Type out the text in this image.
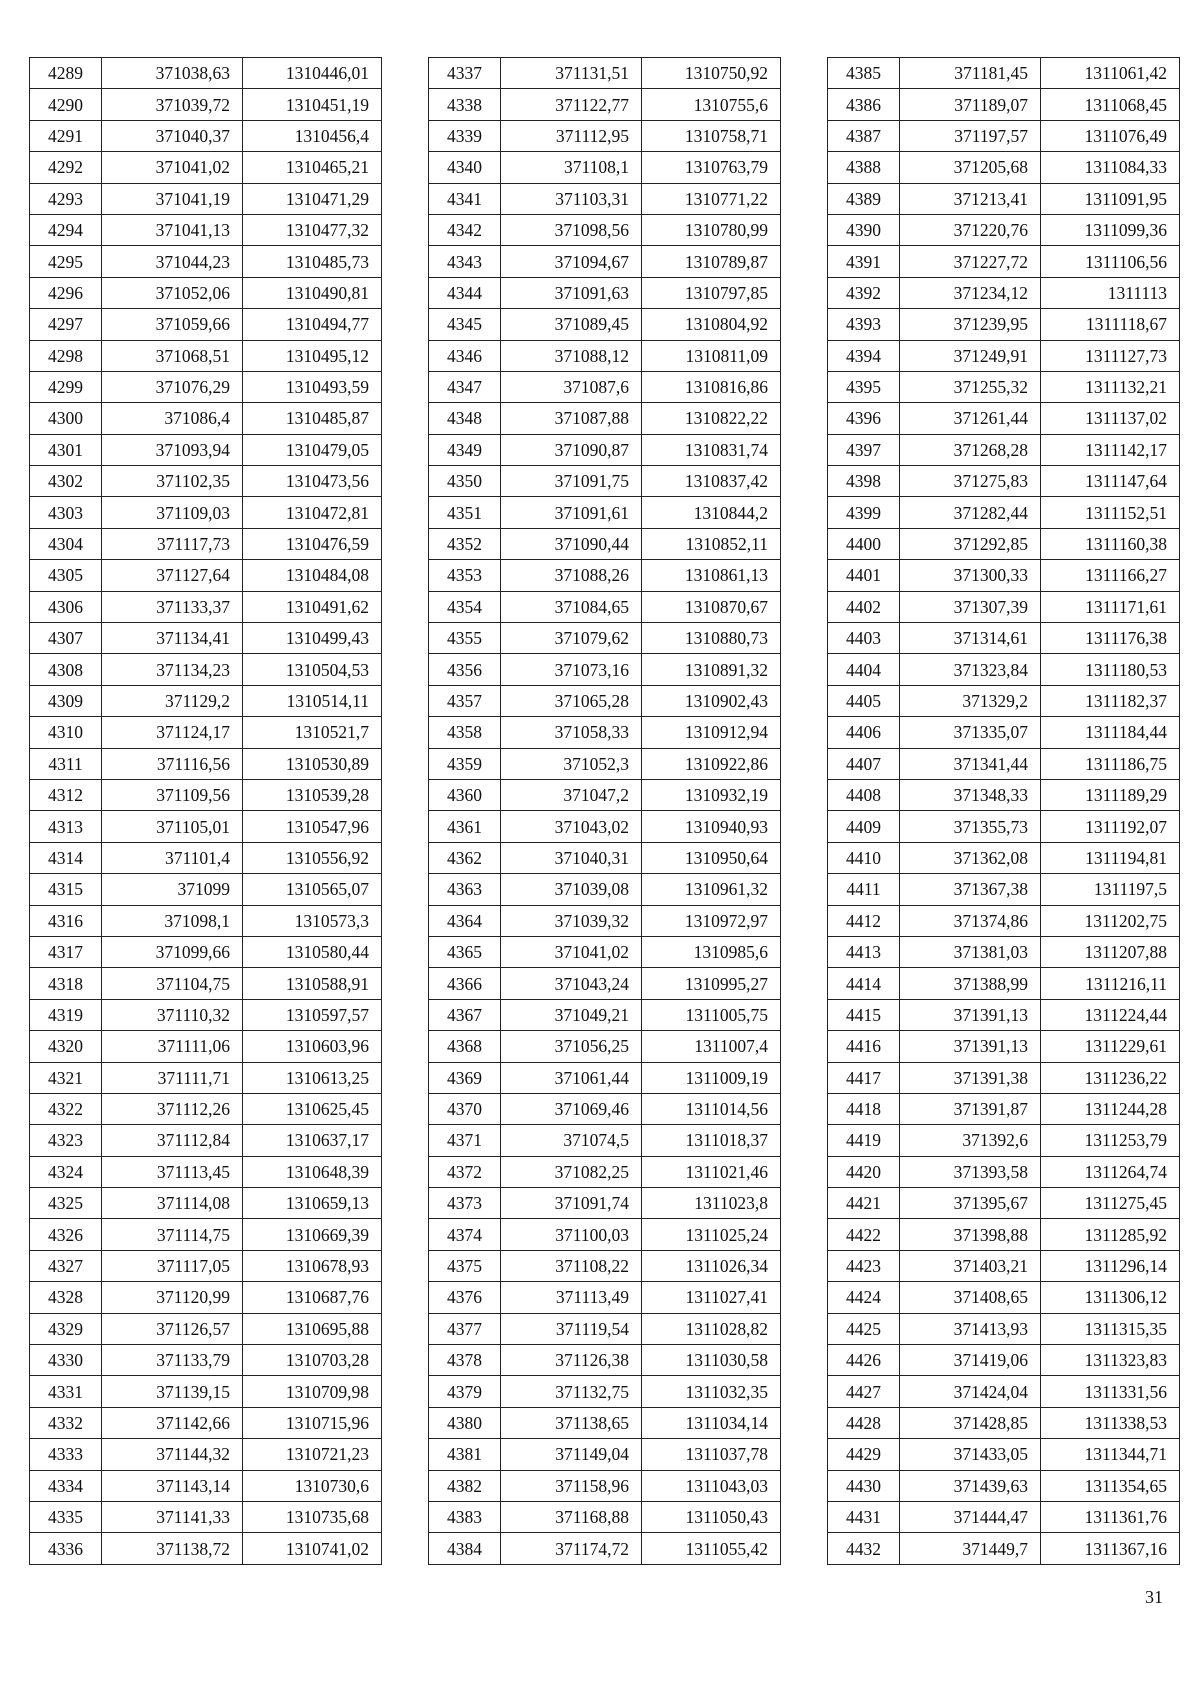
4289	371038,63	1310446,01
4290	371039,72	1310451,19
4291	371040,37	1310456,4
4292	371041,02	1310465,21
4293	371041,19	1310471,29
4294	371041,13	1310477,32
4295	371044,23	1310485,73
4296	371052,06	1310490,81
4297	371059,66	1310494,77
4298	371068,51	1310495,12
4299	371076,29	1310493,59
4300	371086,4	1310485,87
4301	371093,94	1310479,05
4302	371102,35	1310473,56
4303	371109,03	1310472,81
4304	371117,73	1310476,59
4305	371127,64	1310484,08
4306	371133,37	1310491,62
4307	371134,41	1310499,43
4308	371134,23	1310504,53
4309	371129,2	1310514,11
4310	371124,17	1310521,7
4311	371116,56	1310530,89
4312	371109,56	1310539,28
4313	371105,01	1310547,96
4314	371101,4	1310556,92
4315	371099	1310565,07
4316	371098,1	1310573,3
4317	371099,66	1310580,44
4318	371104,75	1310588,91
4319	371110,32	1310597,57
4320	371111,06	1310603,96
4321	371111,71	1310613,25
4322	371112,26	1310625,45
4323	371112,84	1310637,17
4324	371113,45	1310648,39
4325	371114,08	1310659,13
4326	371114,75	1310669,39
4327	371117,05	1310678,93
4328	371120,99	1310687,76
4329	371126,57	1310695,88
4330	371133,79	1310703,28
4331	371139,15	1310709,98
4332	371142,66	1310715,96
4333	371144,32	1310721,23
4334	371143,14	1310730,6
4335	371141,33	1310735,68
4336	371138,72	1310741,02
4337	371131,51	1310750,92
4338	371122,77	1310755,6
4339	371112,95	1310758,71
4340	371108,1	1310763,79
4341	371103,31	1310771,22
4342	371098,56	1310780,99
4343	371094,67	1310789,87
4344	371091,63	1310797,85
4345	371089,45	1310804,92
4346	371088,12	1310811,09
4347	371087,6	1310816,86
4348	371087,88	1310822,22
4349	371090,87	1310831,74
4350	371091,75	1310837,42
4351	371091,61	1310844,2
4352	371090,44	1310852,11
4353	371088,26	1310861,13
4354	371084,65	1310870,67
4355	371079,62	1310880,73
4356	371073,16	1310891,32
4357	371065,28	1310902,43
4358	371058,33	1310912,94
4359	371052,3	1310922,86
4360	371047,2	1310932,19
4361	371043,02	1310940,93
4362	371040,31	1310950,64
4363	371039,08	1310961,32
4364	371039,32	1310972,97
4365	371041,02	1310985,6
4366	371043,24	1310995,27
4367	371049,21	1311005,75
4368	371056,25	1311007,4
4369	371061,44	1311009,19
4370	371069,46	1311014,56
4371	371074,5	1311018,37
4372	371082,25	1311021,46
4373	371091,74	1311023,8
4374	371100,03	1311025,24
4375	371108,22	1311026,34
4376	371113,49	1311027,41
4377	371119,54	1311028,82
4378	371126,38	1311030,58
4379	371132,75	1311032,35
4380	371138,65	1311034,14
4381	371149,04	1311037,78
4382	371158,96	1311043,03
4383	371168,88	1311050,43
4384	371174,72	1311055,42
4385	371181,45	1311061,42
4386	371189,07	1311068,45
4387	371197,57	1311076,49
4388	371205,68	1311084,33
4389	371213,41	1311091,95
4390	371220,76	1311099,36
4391	371227,72	1311106,56
4392	371234,12	1311113
4393	371239,95	1311118,67
4394	371249,91	1311127,73
4395	371255,32	1311132,21
4396	371261,44	1311137,02
4397	371268,28	1311142,17
4398	371275,83	1311147,64
4399	371282,44	1311152,51
4400	371292,85	1311160,38
4401	371300,33	1311166,27
4402	371307,39	1311171,61
4403	371314,61	1311176,38
4404	371323,84	1311180,53
4405	371329,2	1311182,37
4406	371335,07	1311184,44
4407	371341,44	1311186,75
4408	371348,33	1311189,29
4409	371355,73	1311192,07
4410	371362,08	1311194,81
4411	371367,38	1311197,5
4412	371374,86	1311202,75
4413	371381,03	1311207,88
4414	371388,99	1311216,11
4415	371391,13	1311224,44
4416	371391,13	1311229,61
4417	371391,38	1311236,22
4418	371391,87	1311244,28
4419	371392,6	1311253,79
4420	371393,58	1311264,74
4421	371395,67	1311275,45
4422	371398,88	1311285,92
4423	371403,21	1311296,14
4424	371408,65	1311306,12
4425	371413,93	1311315,35
4426	371419,06	1311323,83
4427	371424,04	1311331,56
4428	371428,85	1311338,53
4429	371433,05	1311344,71
4430	371439,63	1311354,65
4431	371444,47	1311361,76
4432	371449,7	1311367,16
31
